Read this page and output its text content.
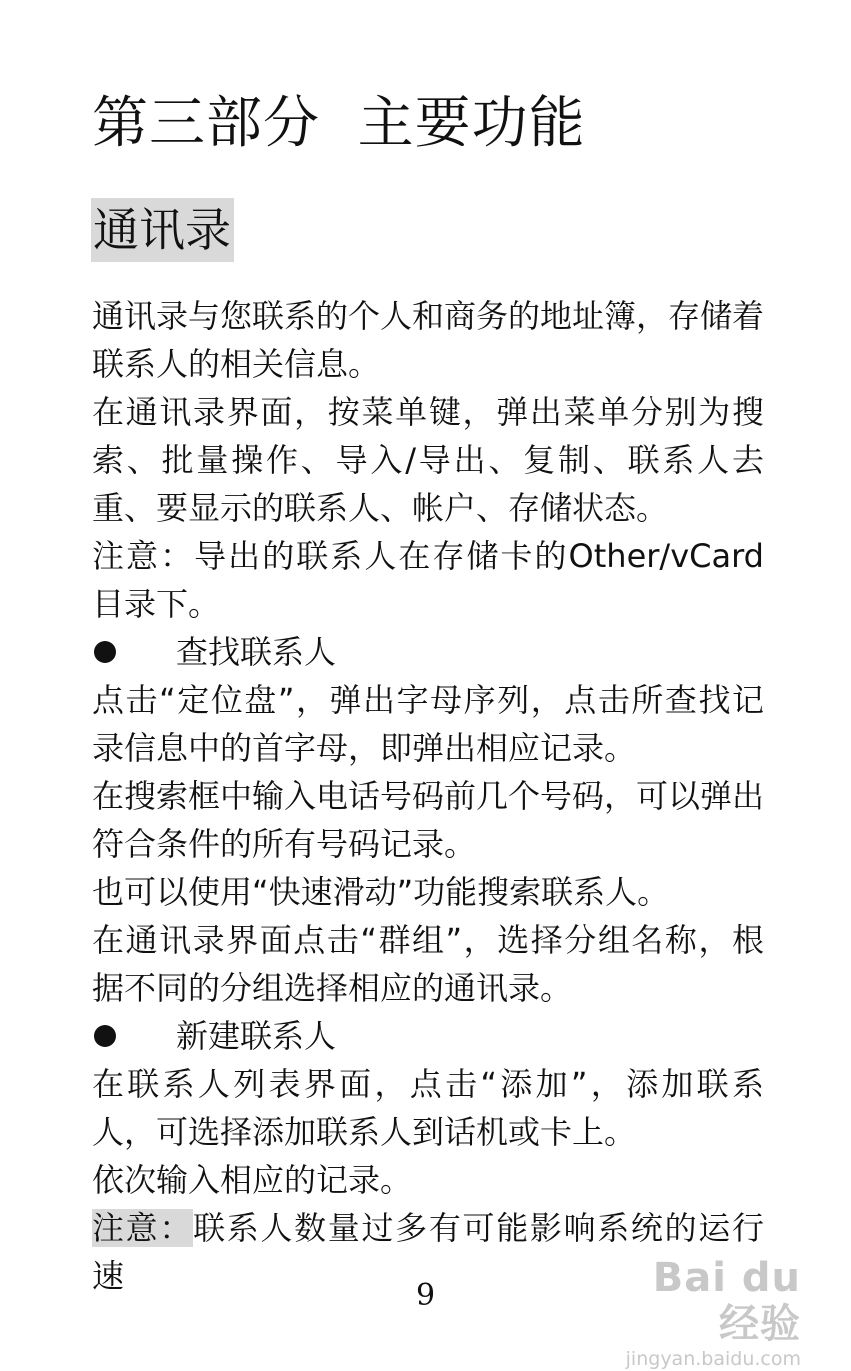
第三部分  主要功能
通讯录

通讯录与您联系的个人和商务的地址簿，存储着联系人的相关信息。

在通讯录界面，按菜单键，弹出菜单分别为搜索、批量操作、导入/导出、复制、联系人去重、要显示的联系人、帐户、存储状态。

注意：导出的联系人在存储卡的Other/vCard目录下。

查找联系人

点击“定位盘”，弹出字母序列，点击所查找记录信息中的首字母，即弹出相应记录。

在搜索框中输入电话号码前几个号码，可以弹出符合条件的所有号码记录。

也可以使用“快速滑动”功能搜索联系人。

在通讯录界面点击“群组”，选择分组名称，根据不同的分组选择相应的通讯录。

新建联系人

在联系人列表界面，点击“添加”，添加联系人，可选择添加联系人到话机或卡上。

依次输入相应的记录。

注意：联系人数量过多有可能影响系统的运行速

9	Bai du 经验
jingyan.baidu.com
